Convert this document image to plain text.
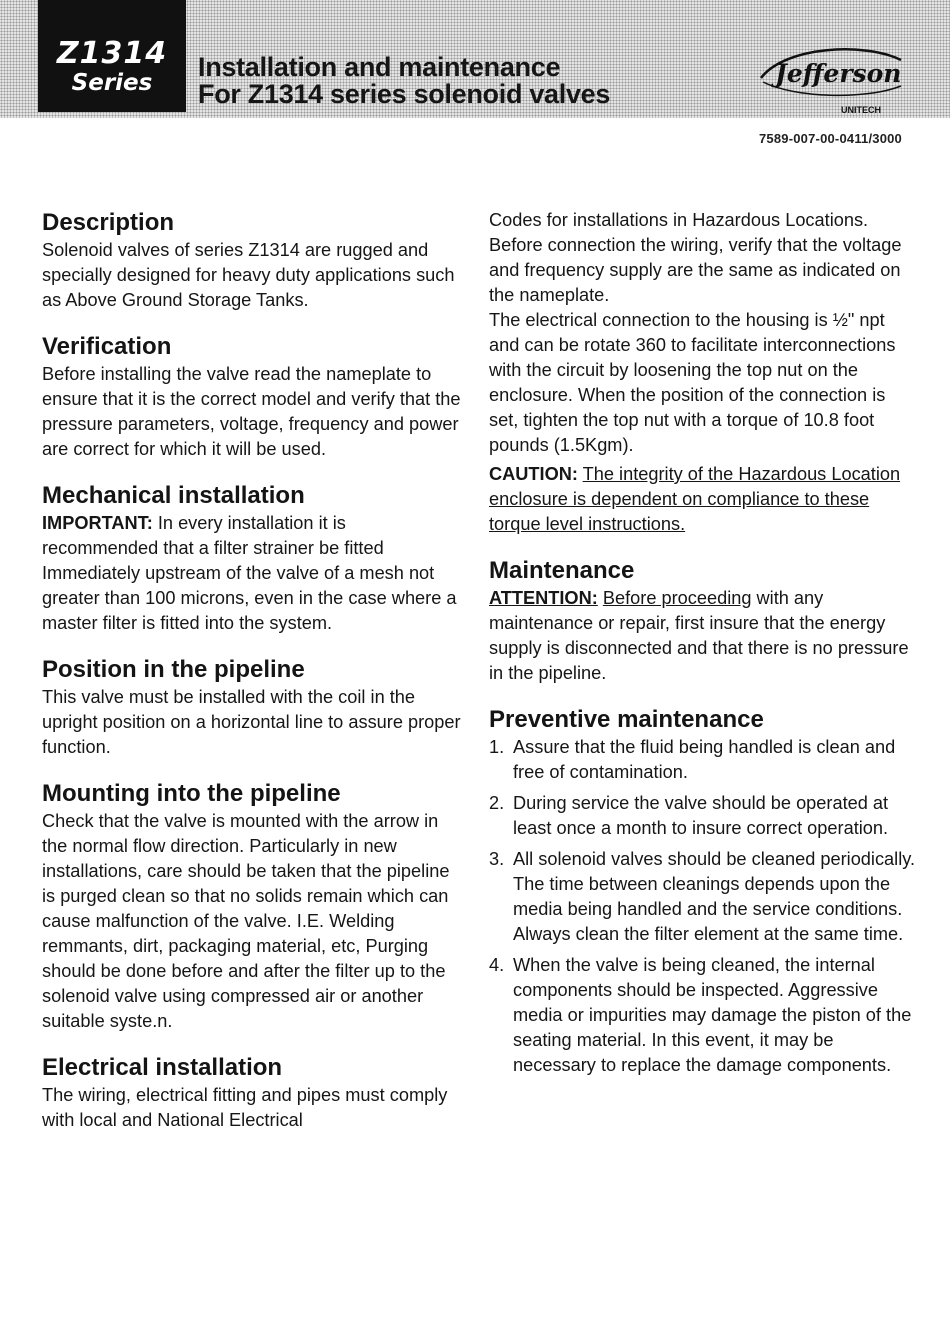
Z1314
Series
Installation and maintenance
For Z1314 series solenoid valves
Jefferson
UNITECH
7589-007-00-0411/3000
Description

Solenoid valves of series Z1314 are rugged and specially designed for heavy duty applications such as Above Ground Storage Tanks.

Verification

Before installing the valve read the nameplate to ensure that it is the correct model and verify that the pressure parameters, voltage, frequency and power are correct for which it will be used.

Mechanical installation

IMPORTANT: In every installation it is recommended that a filter strainer be fitted Immediately upstream of the valve of a mesh not greater than 100 microns, even in the case where a master filter is fitted into the system.

Position in the pipeline

This valve must be installed with the coil in the upright position on a horizontal line to assure proper function.

Mounting into the pipeline

Check that the valve is mounted with the arrow in the normal flow direction. Particularly in new installations, care should be taken that the pipeline is purged clean so that no solids remain which can cause malfunction of the valve. I.E. Welding remmants, dirt, packaging material, etc, Purging should be done before and after the filter up to the solenoid valve using compressed air or another suitable syste.n.

Electrical installation

The wiring, electrical fitting and pipes must comply with local and National Electrical

Codes for installations in Hazardous Locations.

Before connection the wiring, verify that the voltage and frequency supply are the same as indicated on the nameplate.

The electrical connection to the housing is ½" npt and can be rotate 360 to facilitate interconnections with the circuit by loosening the top nut on the enclosure. When the position of the connection is set, tighten the top nut with a torque of 10.8 foot pounds (1.5Kgm).

CAUTION: The integrity of the Hazardous Location enclosure is dependent on compliance to these torque level instructions.

Maintenance

ATTENTION: Before proceeding with any maintenance or repair, first insure that the energy supply is disconnected and that there is no pressure in the pipeline.

Preventive maintenance
1. Assure that the fluid being handled is clean and free of contamination.
2. During service the valve should be operated at least once a month to insure correct operation.
3. All solenoid valves should be cleaned periodically.
The time between cleanings depends upon the media being handled and the service conditions. Always clean the filter element at the same time.
4. When the valve is being cleaned, the internal components should be inspected. Aggressive media or impurities may damage the piston of the seating material. In this event, it may be necessary to replace the damage components.
